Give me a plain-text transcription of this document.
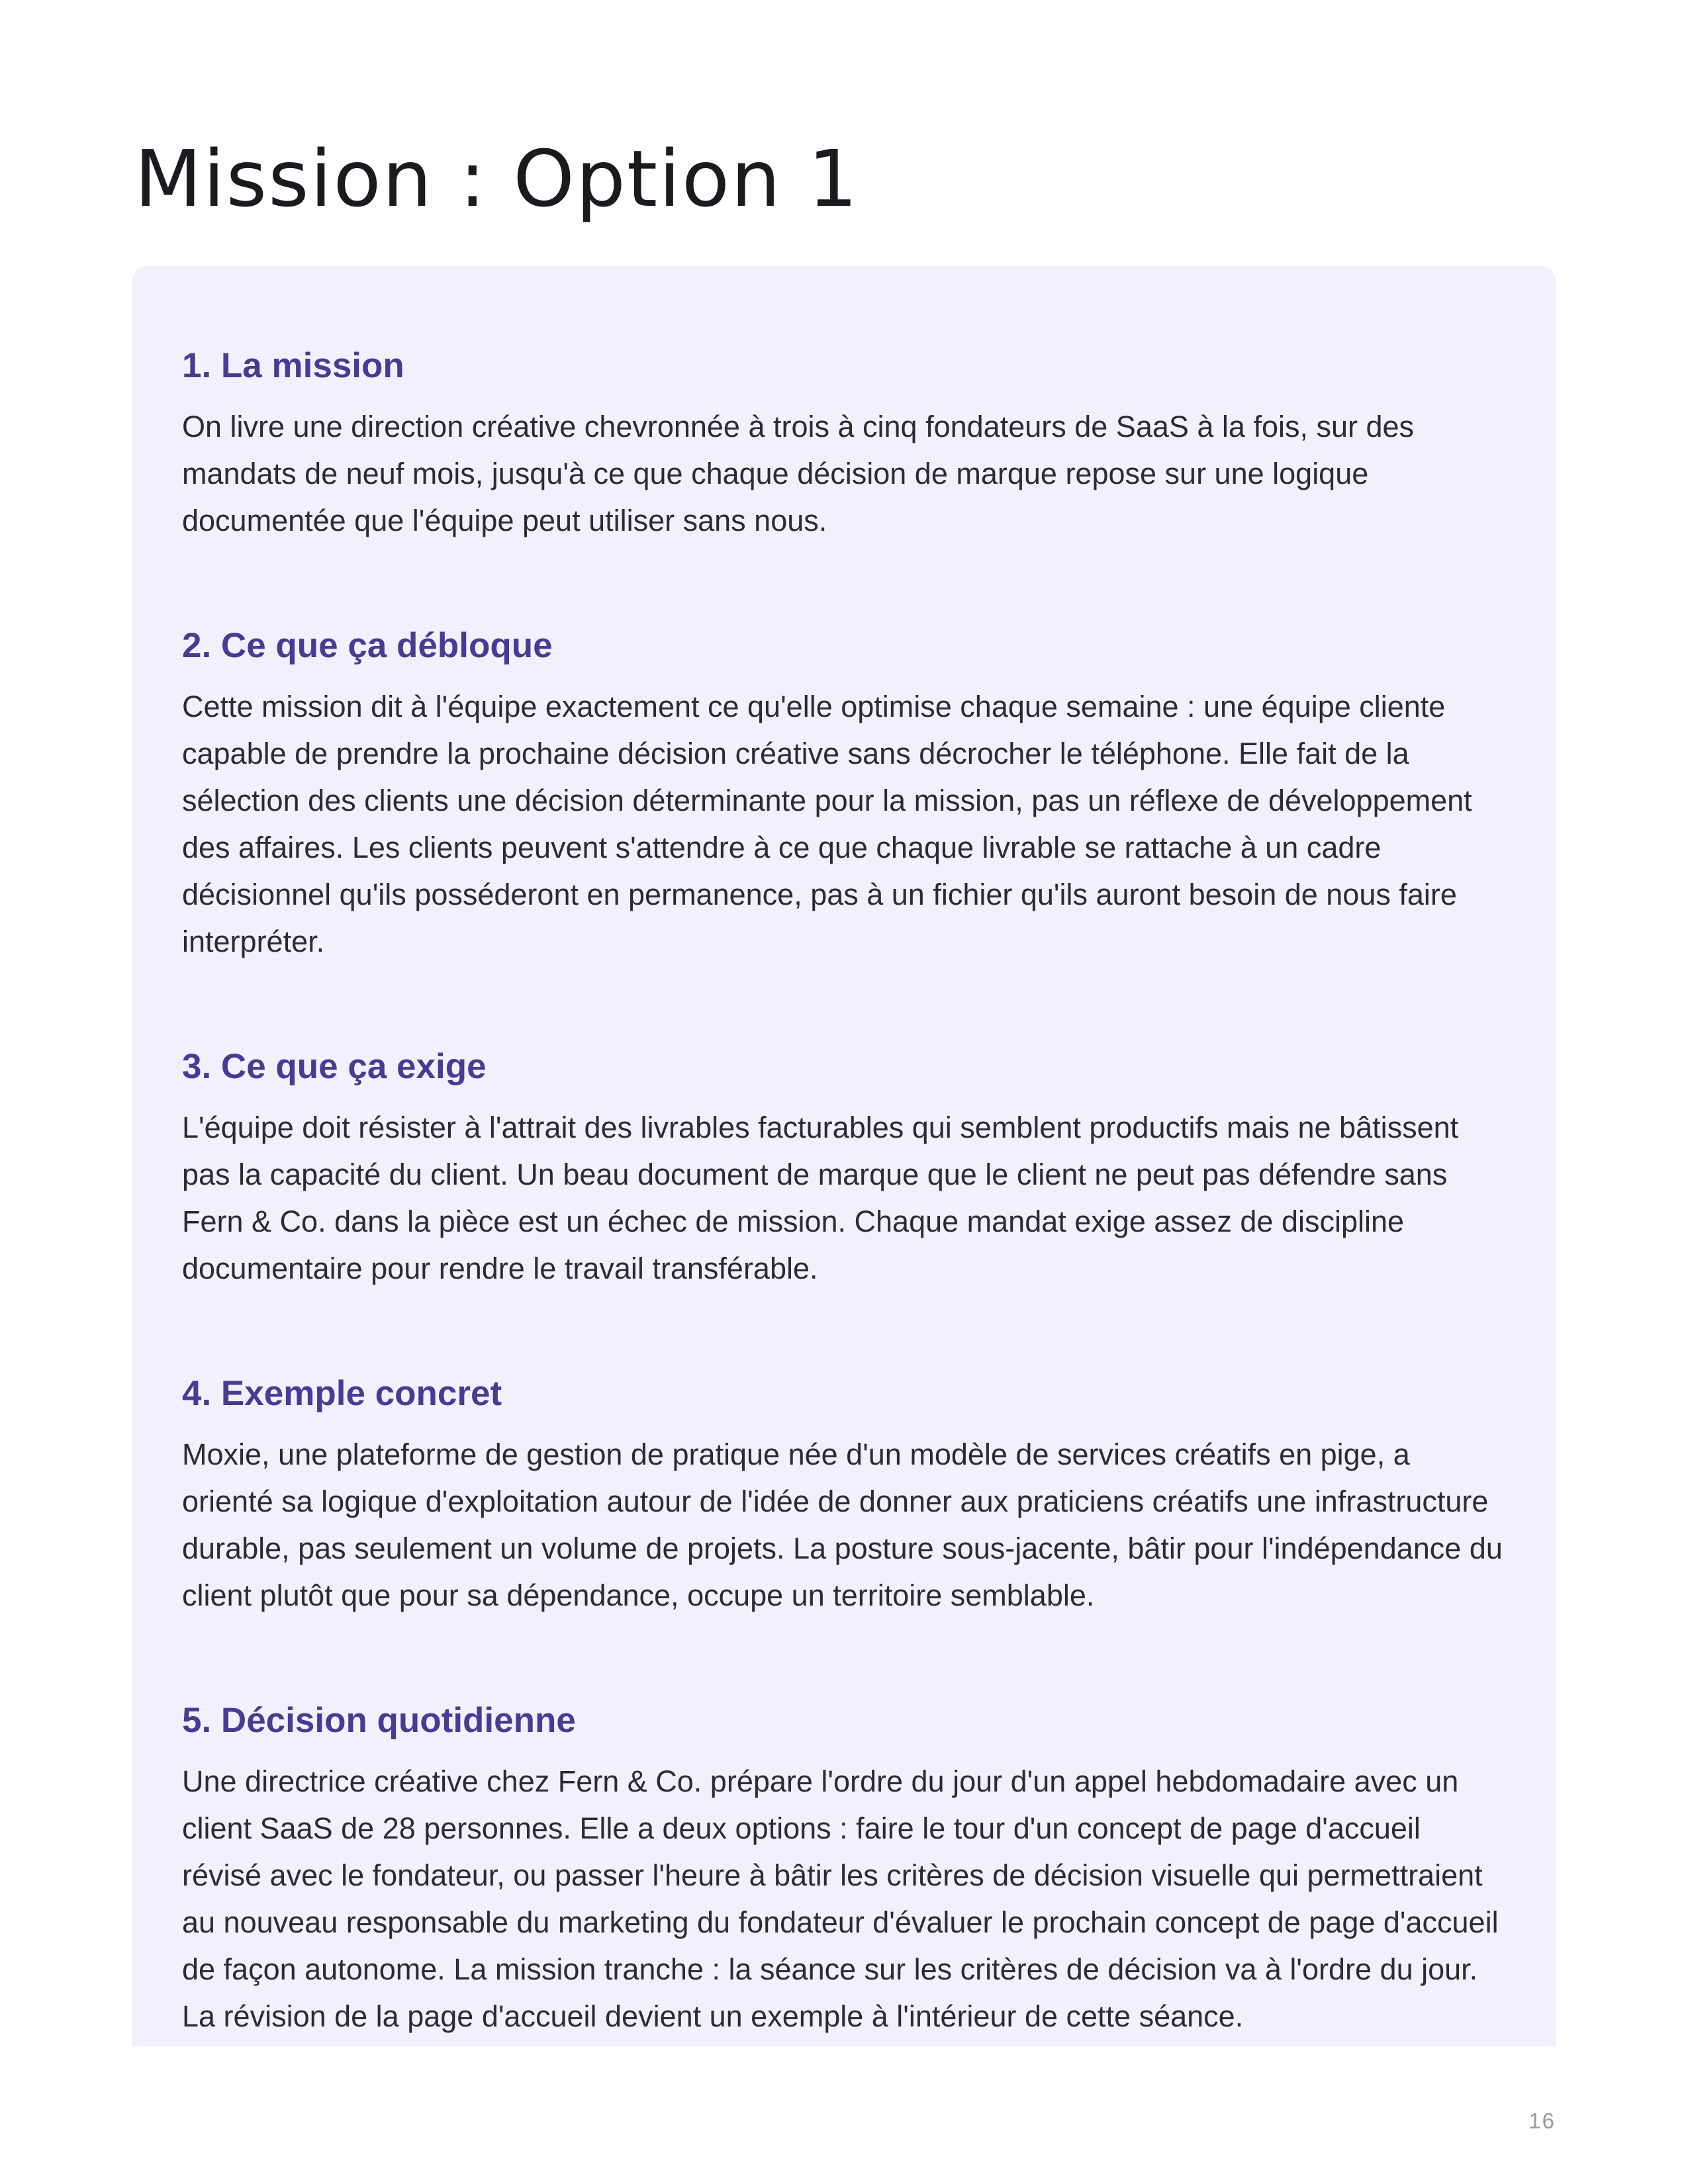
Mission : Option 1
1. La mission

On livre une direction créative chevronnée à trois à cinq fondateurs de SaaS à la fois, sur des mandats de neuf mois, jusqu'à ce que chaque décision de marque repose sur une logique documentée que l'équipe peut utiliser sans nous.

2. Ce que ça débloque

Cette mission dit à l'équipe exactement ce qu'elle optimise chaque semaine : une équipe cliente capable de prendre la prochaine décision créative sans décrocher le téléphone. Elle fait de la sélection des clients une décision déterminante pour la mission, pas un réflexe de développement des affaires. Les clients peuvent s'attendre à ce que chaque livrable se rattache à un cadre décisionnel qu'ils posséderont en permanence, pas à un fichier qu'ils auront besoin de nous faire interpréter.

3. Ce que ça exige

L'équipe doit résister à l'attrait des livrables facturables qui semblent productifs mais ne bâtissent pas la capacité du client. Un beau document de marque que le client ne peut pas défendre sans Fern & Co. dans la pièce est un échec de mission. Chaque mandat exige assez de discipline documentaire pour rendre le travail transférable.

4. Exemple concret

Moxie, une plateforme de gestion de pratique née d'un modèle de services créatifs en pige, a orienté sa logique d'exploitation autour de l'idée de donner aux praticiens créatifs une infrastructure durable, pas seulement un volume de projets. La posture sous-jacente, bâtir pour l'indépendance du client plutôt que pour sa dépendance, occupe un territoire semblable.

5. Décision quotidienne

Une directrice créative chez Fern & Co. prépare l'ordre du jour d'un appel hebdomadaire avec un client SaaS de 28 personnes. Elle a deux options : faire le tour d'un concept de page d'accueil révisé avec le fondateur, ou passer l'heure à bâtir les critères de décision visuelle qui permettraient au nouveau responsable du marketing du fondateur d'évaluer le prochain concept de page d'accueil de façon autonome. La mission tranche : la séance sur les critères de décision va à l'ordre du jour. La révision de la page d'accueil devient un exemple à l'intérieur de cette séance.

16
